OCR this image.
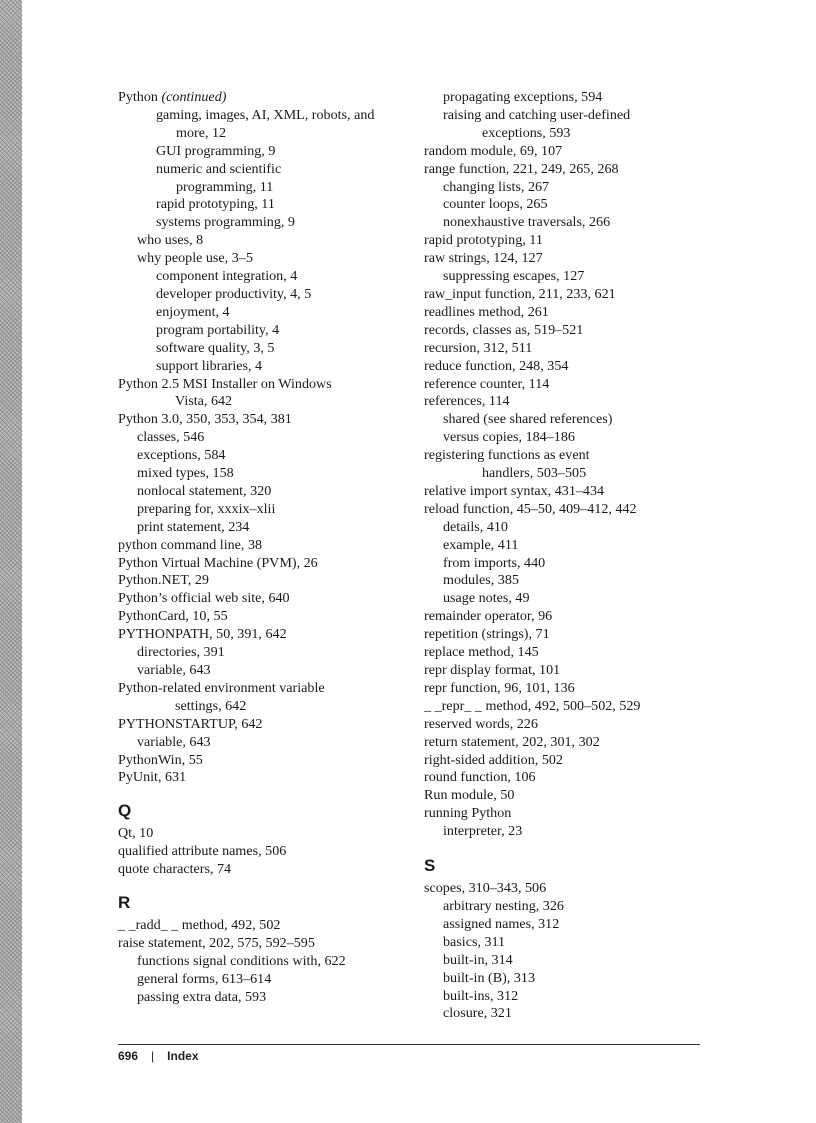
Python (continued)
gaming, images, AI, XML, robots, and
more, 12
GUI programming, 9
numeric and scientific
programming, 11
rapid prototyping, 11
systems programming, 9
who uses, 8
why people use, 3–5
component integration, 4
developer productivity, 4, 5
enjoyment, 4
program portability, 4
software quality, 3, 5
support libraries, 4
Python 2.5 MSI Installer on Windows
Vista, 642
Python 3.0, 350, 353, 354, 381
classes, 546
exceptions, 584
mixed types, 158
nonlocal statement, 320
preparing for, xxxix–xlii
print statement, 234
python command line, 38
Python Virtual Machine (PVM), 26
Python.NET, 29
Python’s official web site, 640
PythonCard, 10, 55
PYTHONPATH, 50, 391, 642
directories, 391
variable, 643
Python-related environment variable
settings, 642
PYTHONSTARTUP, 642
variable, 643
PythonWin, 55
PyUnit, 631
Q
Qt, 10
qualified attribute names, 506
quote characters, 74
R
_ _radd_ _ method, 492, 502
raise statement, 202, 575, 592–595
functions signal conditions with, 622
general forms, 613–614
passing extra data, 593
propagating exceptions, 594
raising and catching user-defined
exceptions, 593
random module, 69, 107
range function, 221, 249, 265, 268
changing lists, 267
counter loops, 265
nonexhaustive traversals, 266
rapid prototyping, 11
raw strings, 124, 127
suppressing escapes, 127
raw_input function, 211, 233, 621
readlines method, 261
records, classes as, 519–521
recursion, 312, 511
reduce function, 248, 354
reference counter, 114
references, 114
shared (see shared references)
versus copies, 184–186
registering functions as event
handlers, 503–505
relative import syntax, 431–434
reload function, 45–50, 409–412, 442
details, 410
example, 411
from imports, 440
modules, 385
usage notes, 49
remainder operator, 96
repetition (strings), 71
replace method, 145
repr display format, 101
repr function, 96, 101, 136
_ _repr_ _ method, 492, 500–502, 529
reserved words, 226
return statement, 202, 301, 302
right-sided addition, 502
round function, 106
Run module, 50
running Python
interpreter, 23
S
scopes, 310–343, 506
arbitrary nesting, 326
assigned names, 312
basics, 311
built-in, 314
built-in (B), 313
built-ins, 312
closure, 321
696 | Index
